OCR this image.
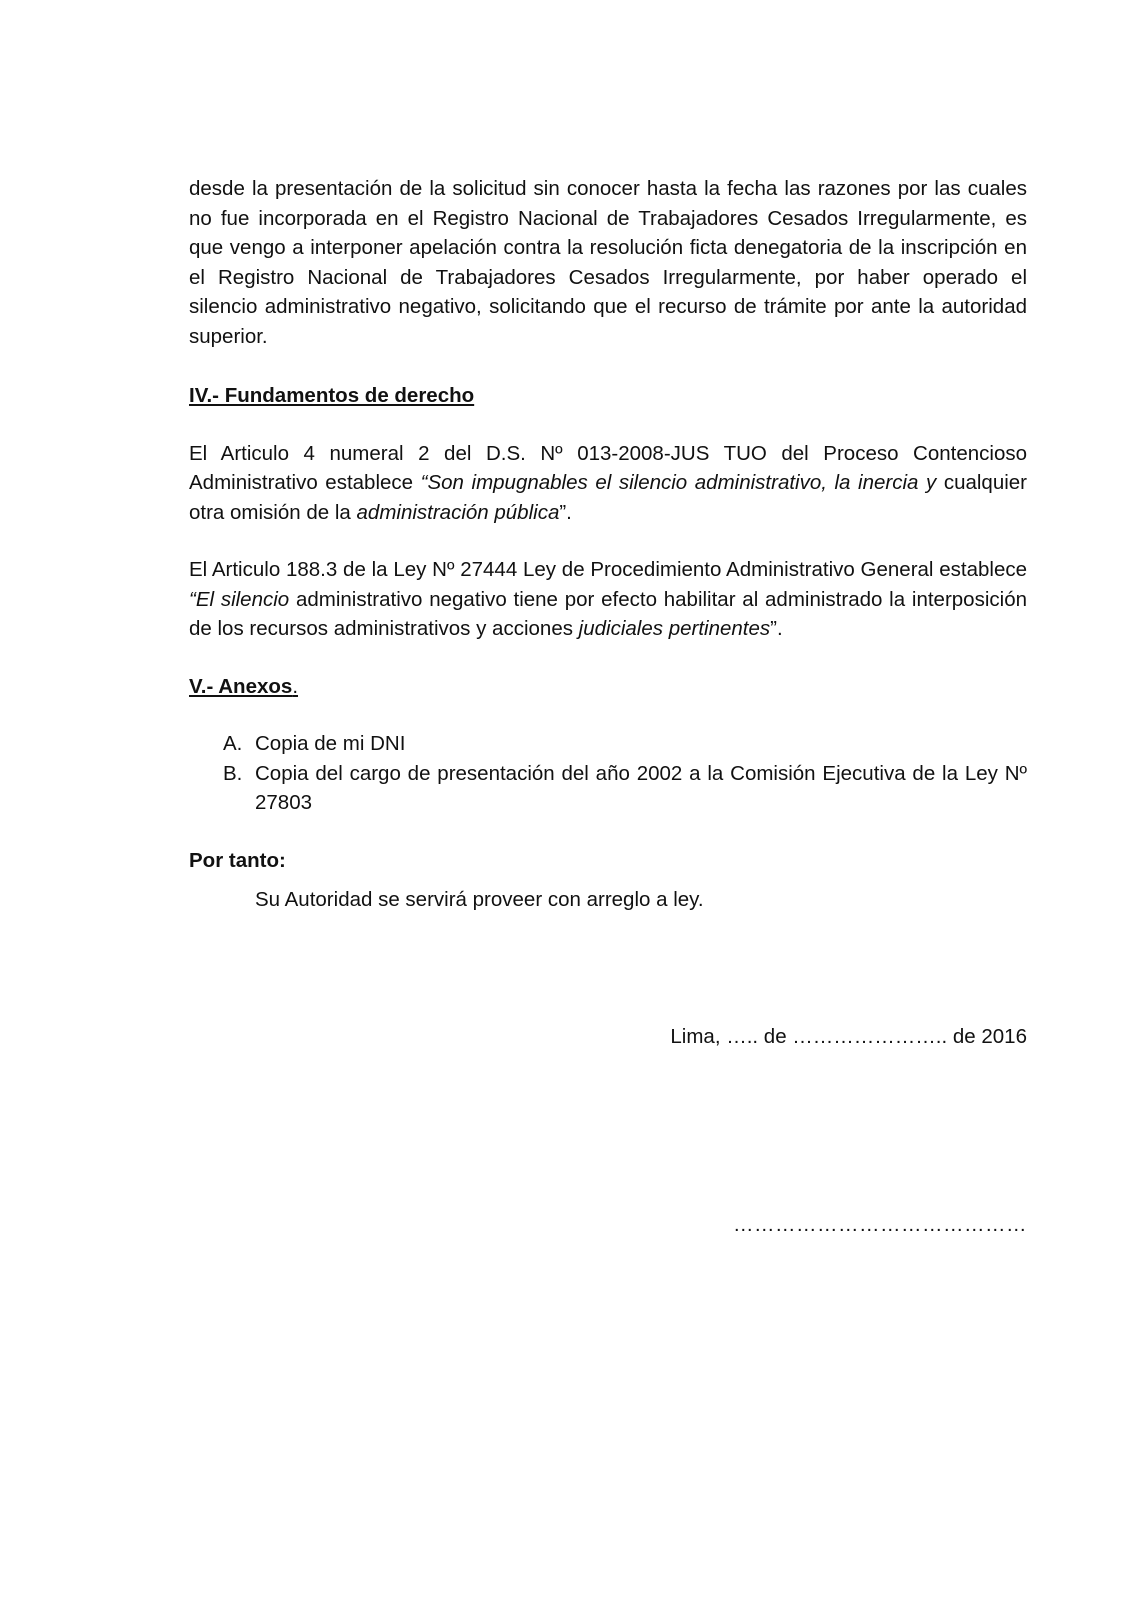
desde la presentación de la solicitud sin conocer hasta la fecha las razones por las cuales no fue incorporada en el Registro Nacional de Trabajadores Cesados Irregularmente, es que vengo a interponer apelación contra la resolución ficta denegatoria de la inscripción en el Registro Nacional de Trabajadores Cesados Irregularmente, por haber operado el silencio administrativo negativo, solicitando que el recurso de trámite por ante la autoridad superior.

IV.- Fundamentos de derecho

El Articulo 4 numeral 2 del D.S. Nº 013-2008-JUS TUO del Proceso Contencioso Administrativo establece “Son impugnables el silencio administrativo, la inercia y cualquier otra omisión de la administración pública”.

El Articulo 188.3 de la Ley Nº 27444 Ley de Procedimiento Administrativo General establece “El silencio administrativo negativo tiene por efecto habilitar al administrado la interposición de los recursos administrativos y acciones judiciales pertinentes”.

V.- Anexos.
A. Copia de mi DNI
B. Copia del cargo de presentación del año 2002 a la Comisión Ejecutiva de la Ley Nº 27803

Por tanto:

Su Autoridad se servirá proveer con arreglo a ley.

Lima, ….. de ………………….. de 2016
……………………………………
